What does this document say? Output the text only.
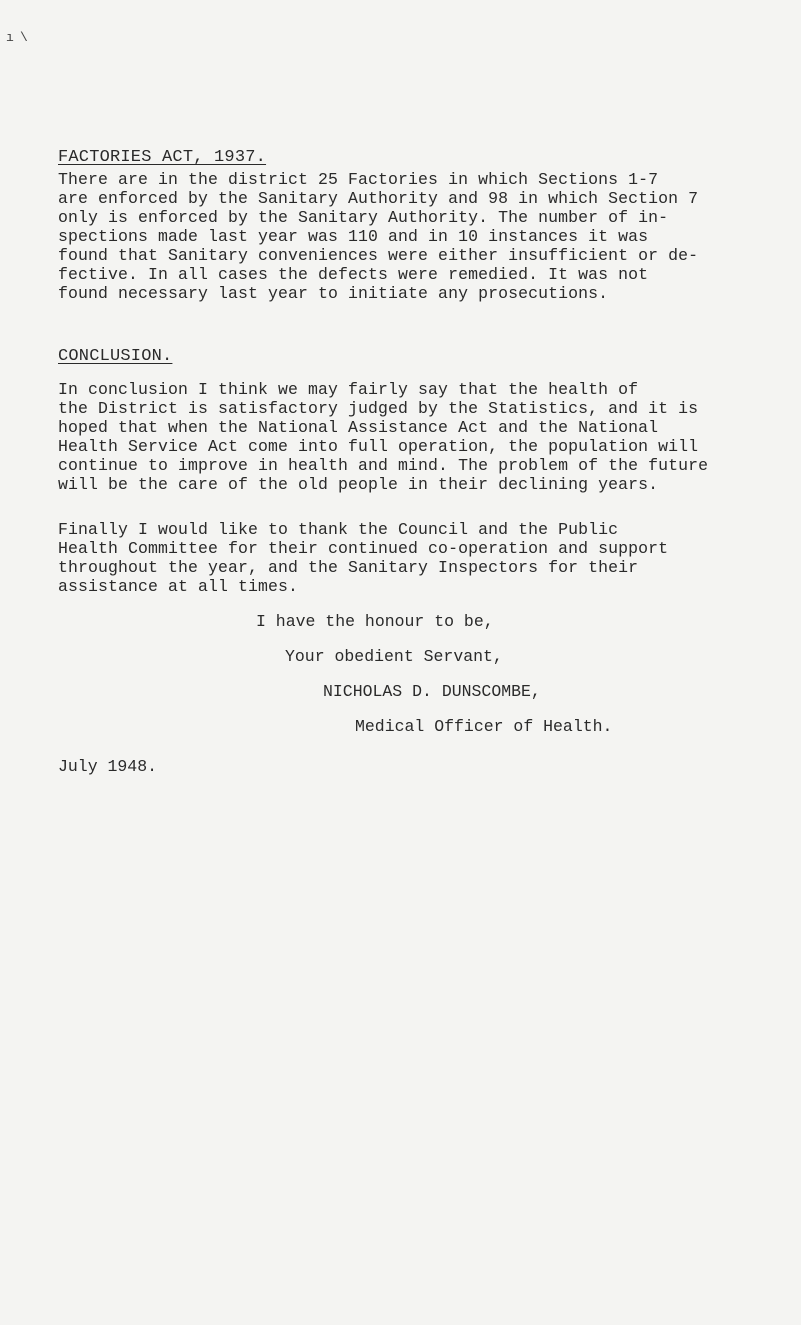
ı \
FACTORIES ACT, 1937.
There are in the district 25 Factories in which Sections 1-7
are enforced by the Sanitary Authority and 98 in which Section 7
only is enforced by the Sanitary Authority. The number of in-
spections made last year was 110 and in 10 instances it was
found that Sanitary conveniences were either insufficient or de-
fective. In all cases the defects were remedied. It was not
found necessary last year to initiate any prosecutions.
CONCLUSION.
In conclusion I think we may fairly say that the health of
the District is satisfactory judged by the Statistics, and it is
hoped that when the National Assistance Act and the National
Health Service Act come into full operation, the population will
continue to improve in health and mind. The problem of the future
will be the care of the old people in their declining years.
Finally I would like to thank the Council and the Public
Health Committee for their continued co-operation and support
throughout the year, and the Sanitary Inspectors for their
assistance at all times.
I have the honour to be,
Your obedient Servant,
NICHOLAS D. DUNSCOMBE,
Medical Officer of Health.
July 1948.
